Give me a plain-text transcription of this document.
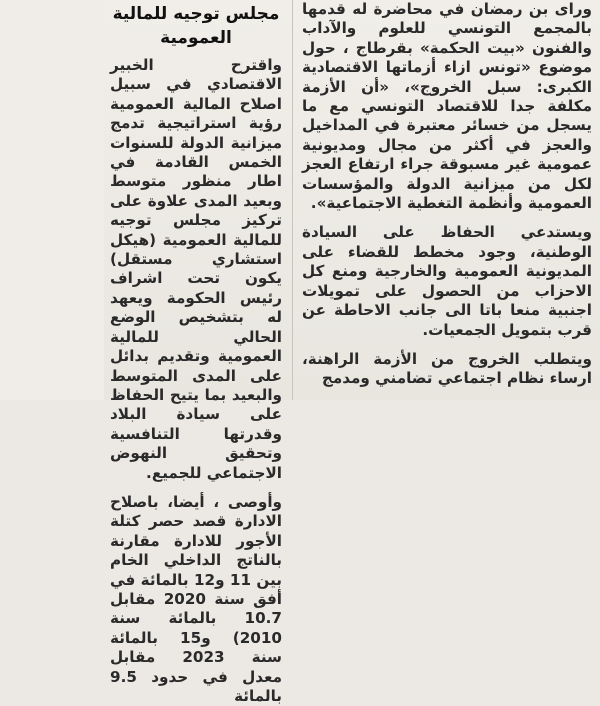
وراى بن رمضان في محاضرة له قدمها بالمجمع التونسي للعلوم والآداب والفنون «بيت الحكمة» بقرطاج ، حول موضوع «تونس ازاء أزماتها الاقتصادية الكبرى: سبل الخروج»، «أن الأزمة مكلفة جدا للاقتصاد التونسي مع ما يسجل من خسائر معتبرة في المداخيل والعجز في أكثر من مجال ومديونية عمومية غير مسبوقة جراء ارتفاع العجز لكل من ميزانية الدولة والمؤسسات العمومية وأنظمة التغطية الاجتماعية».

ويستدعي الحفاظ على السيادة الوطنية، وجود مخطط للقضاء على المديونية العمومية والخارجية ومنع كل الاحزاب من الحصول على تمويلات اجنبية منعا باتا الى جانب الاحاطة عن قرب بتمويل الجمعيات.

ويتطلب الخروج من الأزمة الراهنة، ارساء نظام اجتماعي تضامني ومدمج

مجلس توجيه للمالية العمومية

واقترح الخبير الاقتصادي في سبيل اصلاح المالية العمومية رؤية استراتيجية تدمج ميزانية الدولة للسنوات الخمس القادمة في اطار منظور متوسط وبعيد المدى علاوة على تركيز مجلس توجيه للمالية العمومية (هيكل استشاري مستقل) يكون تحت اشراف رئيس الحكومة ويعهد له بتشخيص الوضع الحالي للمالية العمومية وتقديم بدائل على المدى المتوسط والبعيد بما يتيح الحفاظ على سيادة البلاد وقدرتها التنافسية وتحقيق النهوض الاجتماعي للجميع.

وأوصى ، أيضا، باصلاح الادارة قصد حصر كتلة الأجور للادارة مقارنة بالناتج الداخلي الخام بين 11 و12 بالمائة في أفق سنة 2020 مقابل 10.7 بالمائة سنة 2010) و15 بالمائة سنة 2023 مقابل معدل في حدود 9.5 بالمائة
